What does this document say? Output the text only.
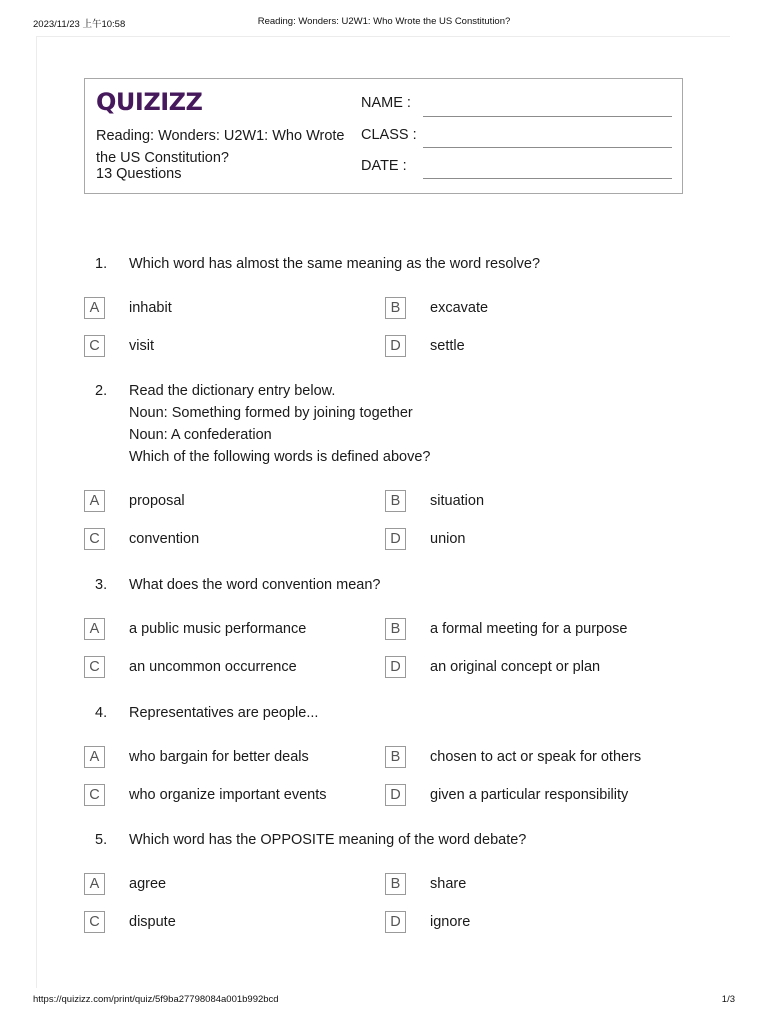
2023/11/23 上午10:58	Reading: Wonders: U2W1: Who Wrote the US Constitution?
QUIZIZZ
Reading: Wonders: U2W1: Who Wrote
the US Constitution?
13 Questions
NAME :
CLASS :
DATE :
1.	Which word has almost the same meaning as the word resolve?
A	inhabit	B	excavate
C	visit	D	settle
2.	Read the dictionary entry below.
Noun: Something formed by joining together
Noun: A confederation
Which of the following words is defined above?
A	proposal	B	situation
C	convention	D	union
3.	What does the word convention mean?
A	a public music performance	B	a formal meeting for a purpose
C	an uncommon occurrence	D	an original concept or plan
4.	Representatives are people...
A	who bargain for better deals	B	chosen to act or speak for others
C	who organize important events	D	given a particular responsibility
5.	Which word has the OPPOSITE meaning of the word debate?
A	agree	B	share
C	dispute	D	ignore
https://quizizz.com/print/quiz/5f9ba27798084a001b992bcd	1/3
